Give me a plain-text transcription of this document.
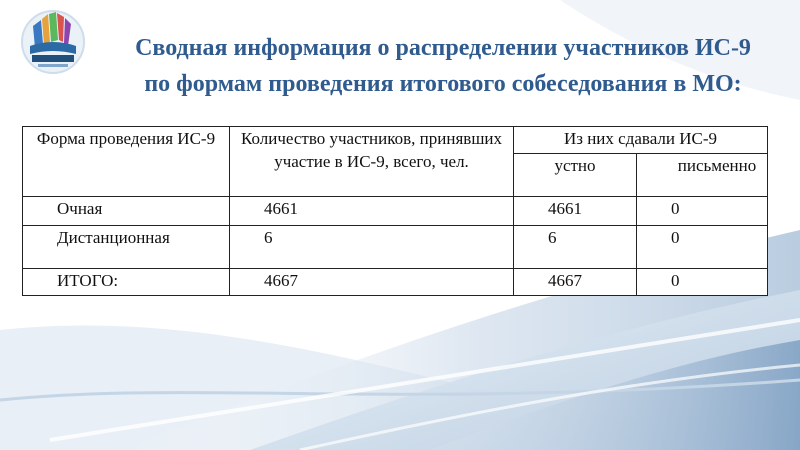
Сводная информация о распределении участников ИС-9
по формам проведения итогового собеседования в МО:
Форма проведения ИС-9	Количество участников, принявших участие в ИС-9, всего, чел.	Из них сдавали ИС-9	
		устно	письменно
Очная	4661	4661	0
Дистанционная	6	6	0
ИТОГО:	4667	4667	0
